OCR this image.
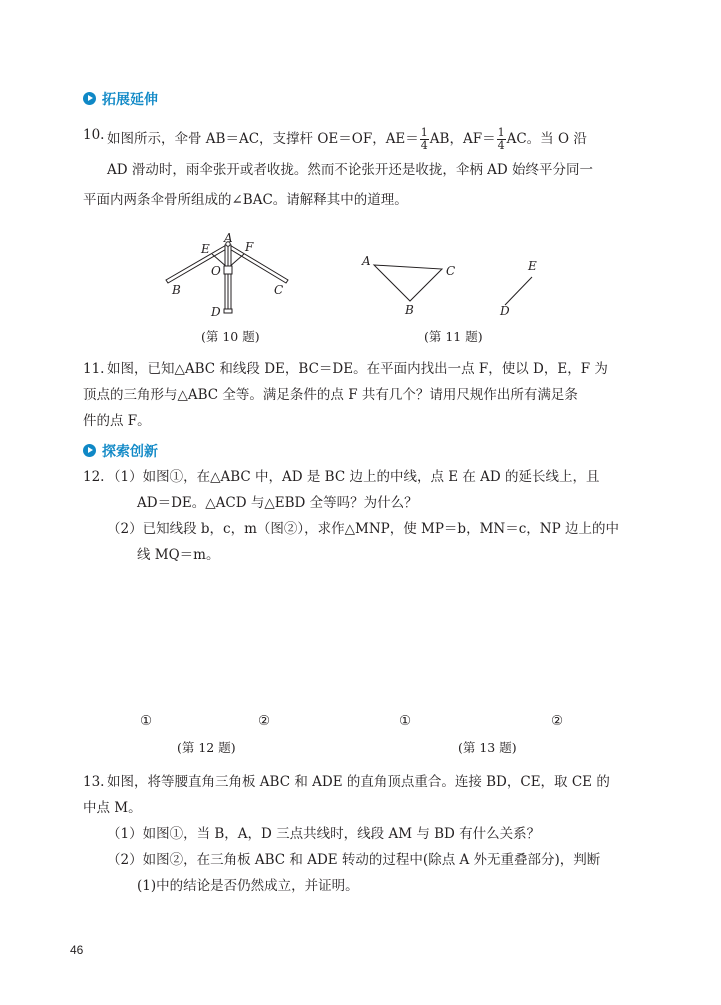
拓展延伸
10. 如图所示，伞骨 AB＝AC，支撑杆 OE＝OF，$AE= \frac{1}{4}$ AB，$AF= \frac{1}{4}$ AC。当 O 沿
AD 滑动时，雨伞张开或者收拢。然而不论张开还是收拢，伞柄 AD 始终平分同一
平面内两条伞骨所组成的∠BAC。请解释其中的道理。
A
E	F
O
B	C
D
(第 10 题)
A
C
B
E
D
(第 11 题)
11. 如图，已知△ABC 和线段 DE，BC＝DE。在平面内找出一点 F，使以 D，E，F 为
顶点的三角形与△ABC 全等。满足条件的点 F 共有几个？请用尺规作出所有满足条
件的点 F。
探索创新
12. （1）如图①，在△ABC 中，AD 是 BC 边上的中线，点 E 在 AD 的延长线上，且
AD＝DE。△ACD 与△EBD 全等吗？为什么？
（2）已知线段 b，c，m（图②），求作△MNP，使 MP＝b，MN＝c，NP 边上的中
线 MQ＝m。
①	②	①	②
(第 12 题)	(第 13 题)
13. 如图，将等腰直角三角板 ABC 和 ADE 的直角顶点重合。连接 BD，CE，取 CE 的
中点 M。
（1）如图①，当 B，A，D 三点共线时，线段 AM 与 BD 有什么关系？
（2）如图②，在三角板 ABC 和 ADE 转动的过程中(除点 A 外无重叠部分)，判断
(1)中的结论是否仍然成立，并证明。
46
